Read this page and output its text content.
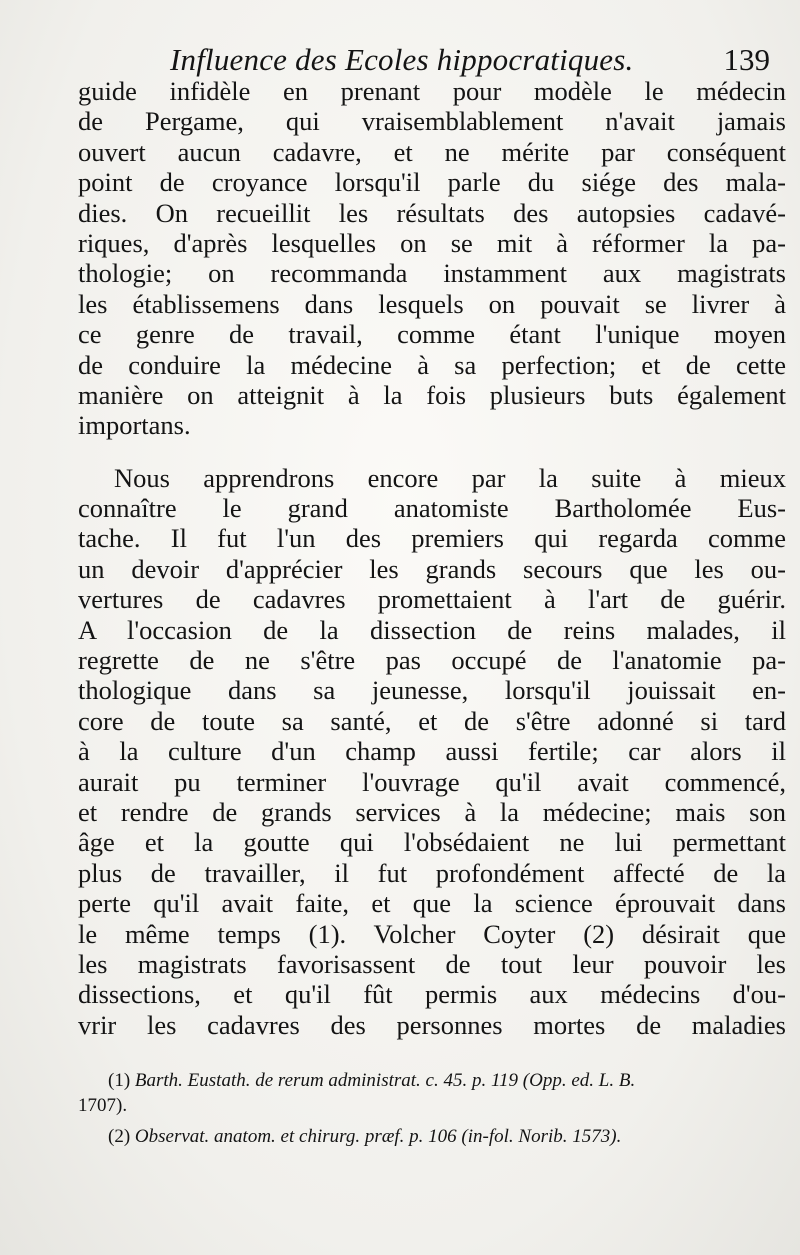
Influence des Ecoles hippocratiques.	139
guide infidèle en prenant pour modèle le médecin
de Pergame, qui vraisemblablement n'avait jamais
ouvert aucun cadavre, et ne mérite par conséquent
point de croyance lorsqu'il parle du siége des mala-
dies. On recueillit les résultats des autopsies cadavé-
riques, d'après lesquelles on se mit à réformer la pa-
thologie; on recommanda instamment aux magistrats
les établissemens dans lesquels on pouvait se livrer à
ce genre de travail, comme étant l'unique moyen
de conduire la médecine à sa perfection; et de cette
manière on atteignit à la fois plusieurs buts également
importans.
Nous apprendrons encore par la suite à mieux
connaître le grand anatomiste Bartholomée Eus-
tache. Il fut l'un des premiers qui regarda comme
un devoir d'apprécier les grands secours que les ou-
vertures de cadavres promettaient à l'art de guérir.
A l'occasion de la dissection de reins malades, il
regrette de ne s'être pas occupé de l'anatomie pa-
thologique dans sa jeunesse, lorsqu'il jouissait en-
core de toute sa santé, et de s'être adonné si tard
à la culture d'un champ aussi fertile; car alors il
aurait pu terminer l'ouvrage qu'il avait commencé,
et rendre de grands services à la médecine; mais son
âge et la goutte qui l'obsédaient ne lui permettant
plus de travailler, il fut profondément affecté de la
perte qu'il avait faite, et que la science éprouvait dans
le même temps (1). Volcher Coyter (2) désirait que
les magistrats favorisassent de tout leur pouvoir les
dissections, et qu'il fût permis aux médecins d'ou-
vrir les cadavres des personnes mortes de maladies
(1) Barth. Eustath. de rerum administrat. c. 45. p. 119 (Opp. ed. L. B.
1707).
(2) Observat. anatom. et chirurg. præf. p. 106 (in-fol. Norib. 1573).
